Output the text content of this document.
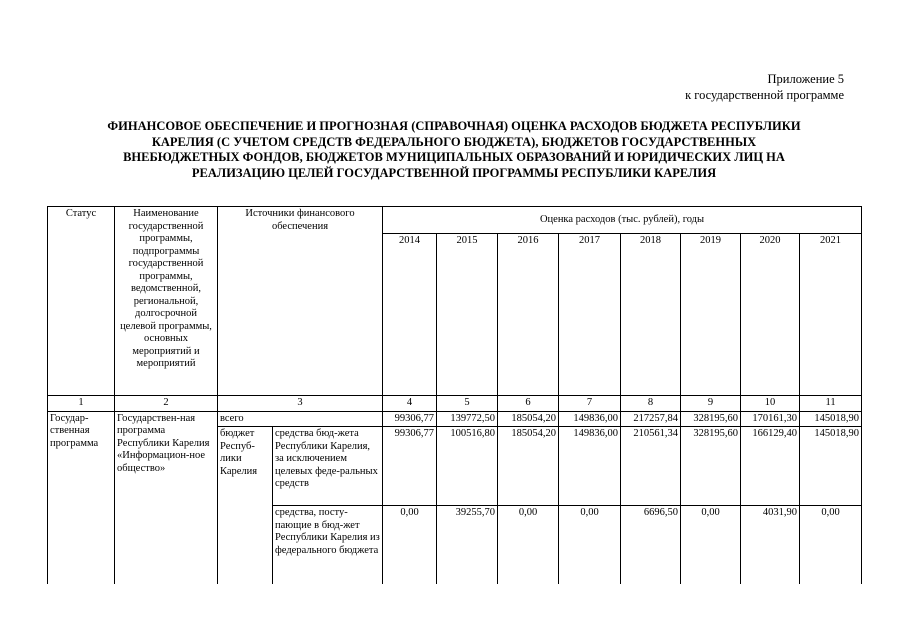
Приложение 5
к государственной программе
ФИНАНСОВОЕ ОБЕСПЕЧЕНИЕ И ПРОГНОЗНАЯ (СПРАВОЧНАЯ) ОЦЕНКА РАСХОДОВ БЮДЖЕТА РЕСПУБЛИКИ
КАРЕЛИЯ (С УЧЕТОМ СРЕДСТВ ФЕДЕРАЛЬНОГО БЮДЖЕТА), БЮДЖЕТОВ ГОСУДАРСТВЕННЫХ
ВНЕБЮДЖЕТНЫХ ФОНДОВ, БЮДЖЕТОВ МУНИЦИПАЛЬНЫХ ОБРАЗОВАНИЙ И ЮРИДИЧЕСКИХ ЛИЦ НА
РЕАЛИЗАЦИЮ ЦЕЛЕЙ ГОСУДАРСТВЕННОЙ ПРОГРАММЫ РЕСПУБЛИКИ КАРЕЛИЯ
Статус	Наименование государственной программы, подпрограммы государственной программы, ведомственной, региональной, долгосрочной целевой программы, основных мероприятий и мероприятий	Источники финансового обеспечения		Оценка расходов (тыс. рублей), годы							
				2014	2015	2016	2017	2018	2019	2020	2021
1	2	3		4	5	6	7	8	9	10	11
Государ-ственная программа	Государствен-ная программа Республики Карелия «Информацион-ное общество»	всего		99306,77	139772,50	185054,20	149836,00	217257,84	328195,60	170161,30	145018,90
		бюджет Респуб-лики Карелия	средства бюд-жета Республики Карелия, за исключением целевых феде-ральных средств	99306,77	100516,80	185054,20	149836,00	210561,34	328195,60	166129,40	145018,90
			средства, посту-пающие в бюд-жет Республики Карелия из федерального бюджета	0,00	39255,70	0,00	0,00	6696,50	0,00	4031,90	0,00
